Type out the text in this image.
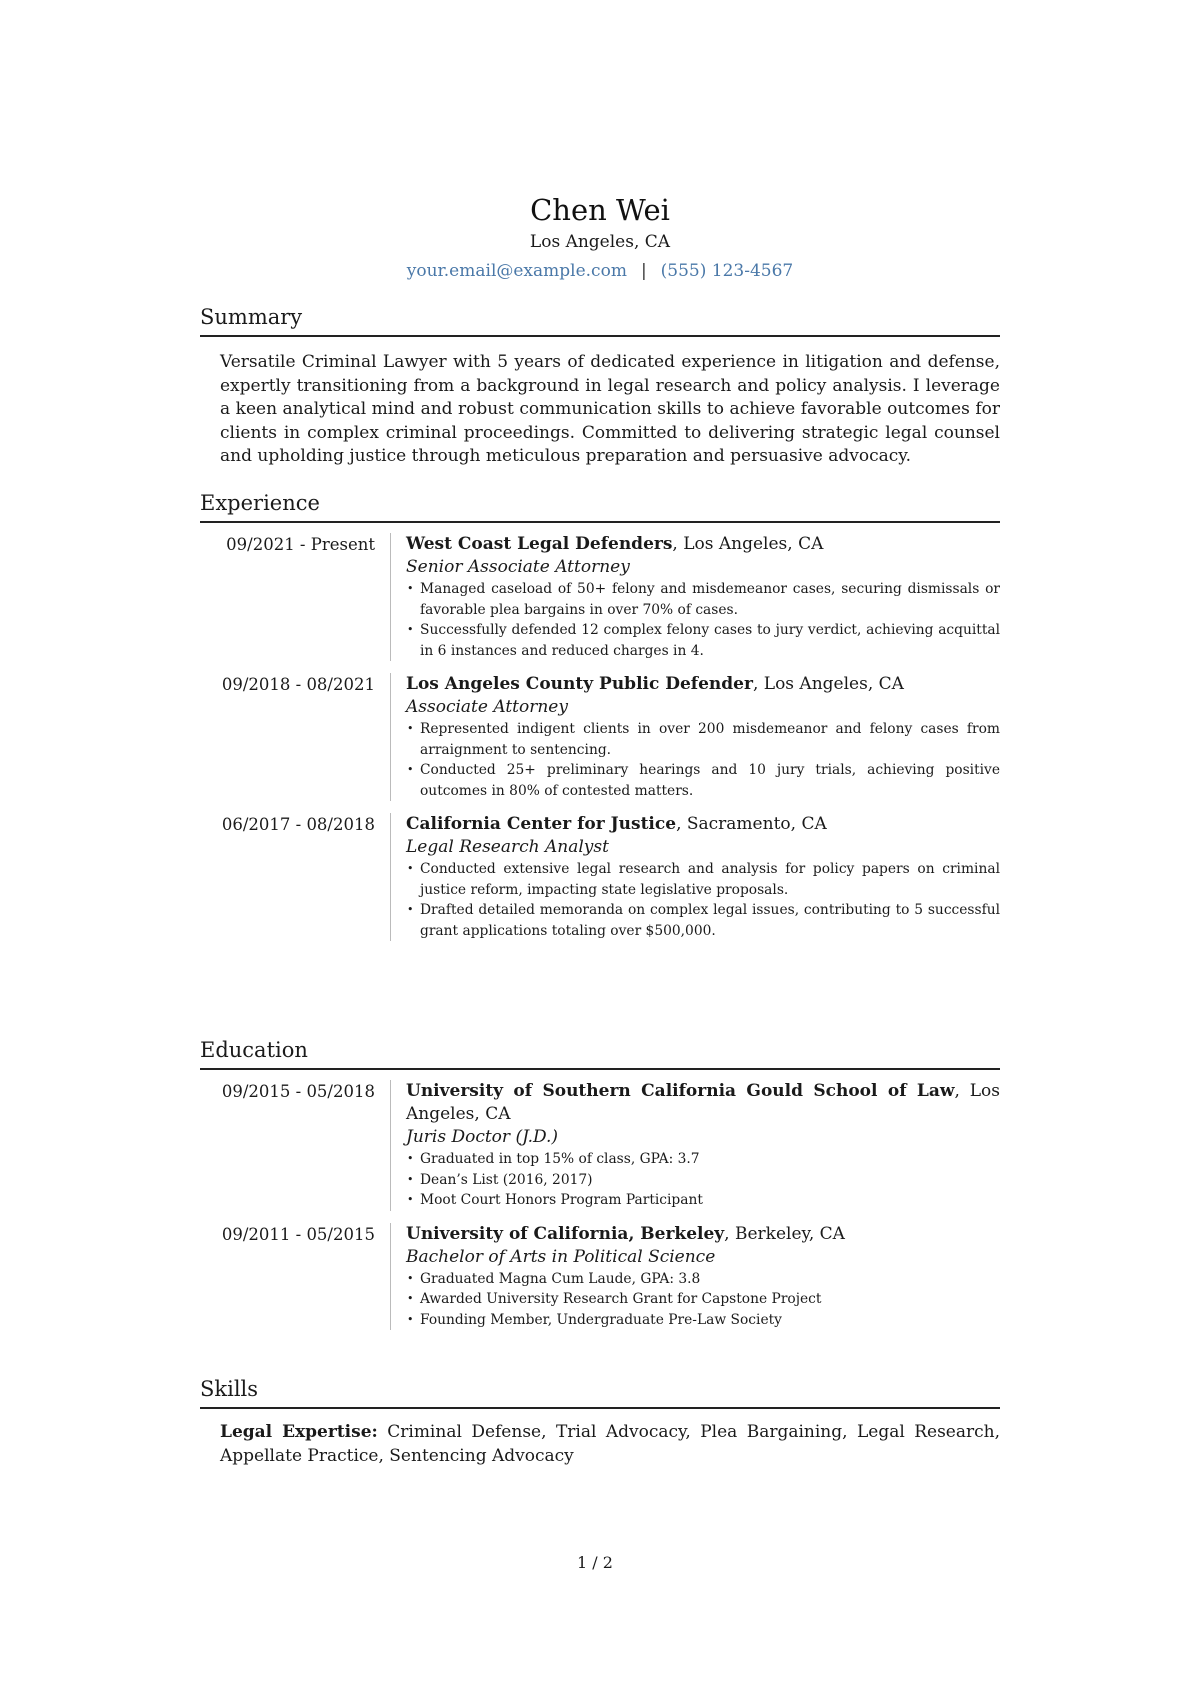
Chen Wei
Los Angeles, CA
your.email@example.com | (555) 123-4567
Summary
Versatile Criminal Lawyer with 5 years of dedicated experience in litigation and defense, expertly transitioning from a background in legal research and policy analysis. I leverage a keen analytical mind and robust communication skills to achieve favorable outcomes for clients in complex criminal proceedings. Committed to delivering strategic legal counsel and upholding justice through meticulous preparation and persuasive advocacy.
Experience
09/2021 - Present West Coast Legal Defenders, Los Angeles, CA
Senior Associate Attorney
• Managed caseload of 50+ felony and misdemeanor cases, securing dismissals or favorable plea bargains in over 70% of cases.
• Successfully defended 12 complex felony cases to jury verdict, achieving acquittal in 6 instances and reduced charges in 4.
09/2018 - 08/2021 Los Angeles County Public Defender, Los Angeles, CA
Associate Attorney
• Represented indigent clients in over 200 misdemeanor and felony cases from arraignment to sentencing.
• Conducted 25+ preliminary hearings and 10 jury trials, achieving positive outcomes in 80% of contested matters.
06/2017 - 08/2018 California Center for Justice, Sacramento, CA
Legal Research Analyst
• Conducted extensive legal research and analysis for policy papers on criminal justice reform, impacting state legislative proposals.
• Drafted detailed memoranda on complex legal issues, contributing to 5 successful grant applications totaling over $500,000.
Education
09/2015 - 05/2018 University of Southern California Gould School of Law, Los Angeles, CA
Juris Doctor (J.D.)
• Graduated in top 15% of class, GPA: 3.7
• Dean’s List (2016, 2017)
• Moot Court Honors Program Participant
09/2011 - 05/2015 University of California, Berkeley, Berkeley, CA
Bachelor of Arts in Political Science
• Graduated Magna Cum Laude, GPA: 3.8
• Awarded University Research Grant for Capstone Project
• Founding Member, Undergraduate Pre-Law Society
Skills
Legal Expertise: Criminal Defense, Trial Advocacy, Plea Bargaining, Legal Research, Appellate Practice, Sentencing Advocacy
1 / 2
